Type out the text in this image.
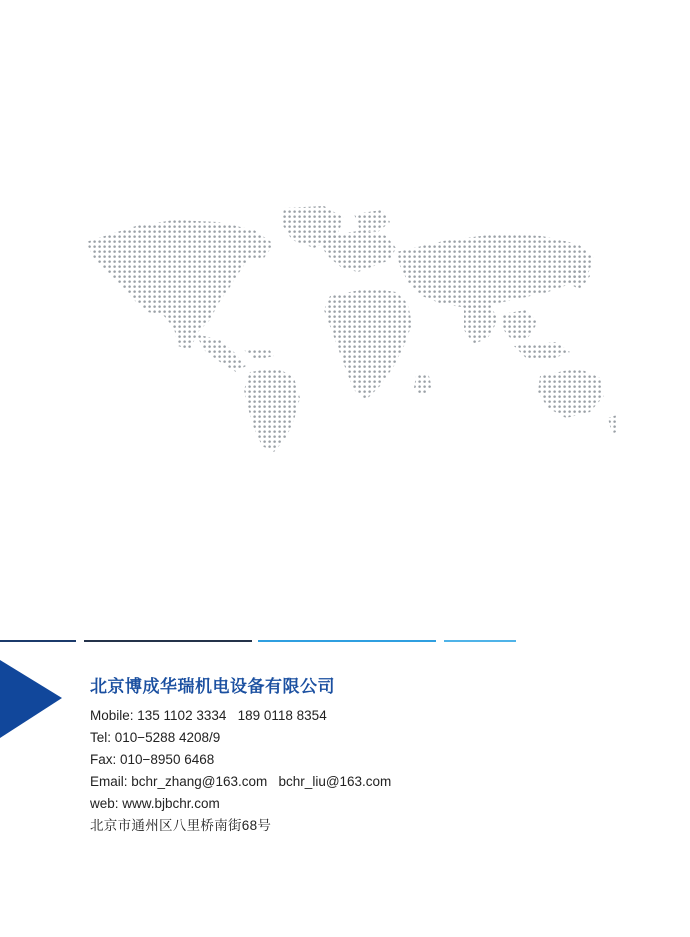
北京博成华瑞机电设备有限公司
Mobile: 135 1102 3334   189 0118 8354
Tel: 010−5288 4208/9
Fax: 010−8950 6468
Email: bchr_zhang@163.com   bchr_liu@163.com
web: www.bjbchr.com
北京市通州区八里桥南街68号
